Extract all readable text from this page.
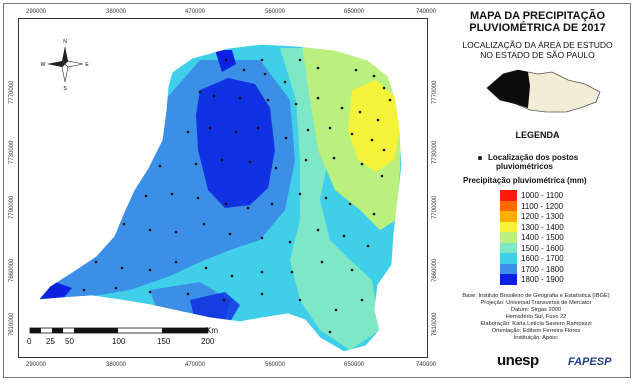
290000
290000
380000
380000
470000
470000
560000
560000
650000
650000
740000
740000
7770000	7770000
7730000	7730000
7700000	7700000
7660000	7660000
7610000	7610000
N
S
E
W
0 25 50	100	150	200
Km
MAPA DA PRECIPITAÇÃO
PLUVIOMÉTRICA DE 2017
LOCALIZAÇÃO DA ÁREA DE ESTUDO
NO ESTADO DE SÃO PAULO
LEGENDA
Localização dos postos
pluviométricos
Precipitação pluviométrica (mm)
1000 - 1100
1100 - 1200
1200 - 1300
1300 - 1400
1400 - 1500
1500 - 1600
1600 - 1700
1700 - 1800
1800 - 1900
Base: Instituto Brasileiro de Geografia e Estatística (IBGE)
Projeção: Universal Transversa de Mercator
Datum: Sirgas 2000
Hemisfério Sul, Fuso 22
Elaboração: Karla Letícia Saviero Rampazzi
Orientação: Edilson Ferreira Flores
Instituição: Apoio:
unesp	FAPESP
